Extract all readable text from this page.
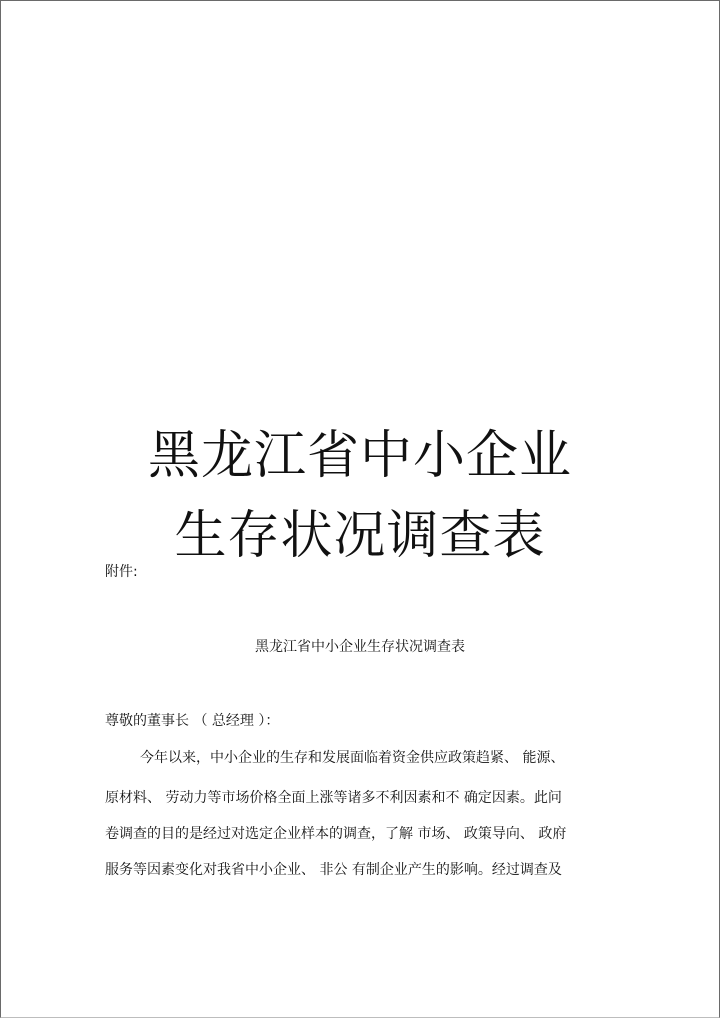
黑龙江省中小企业
生存状况调查表
附件:
黑龙江省中小企业生存状况调查表
尊敬的董事长 （ 总经理 ）：
今年以来，中小企业的生存和发展面临着资金供应政策趋紧、 能源、
原材料、 劳动力等市场价格全面上涨等诸多不利因素和不 确定因素。此问
卷调查的目的是经过对选定企业样本的调查，了解 市场、 政策导向、 政府
服务等因素变化对我省中小企业、 非公 有制企业产生的影响。经过调查及
